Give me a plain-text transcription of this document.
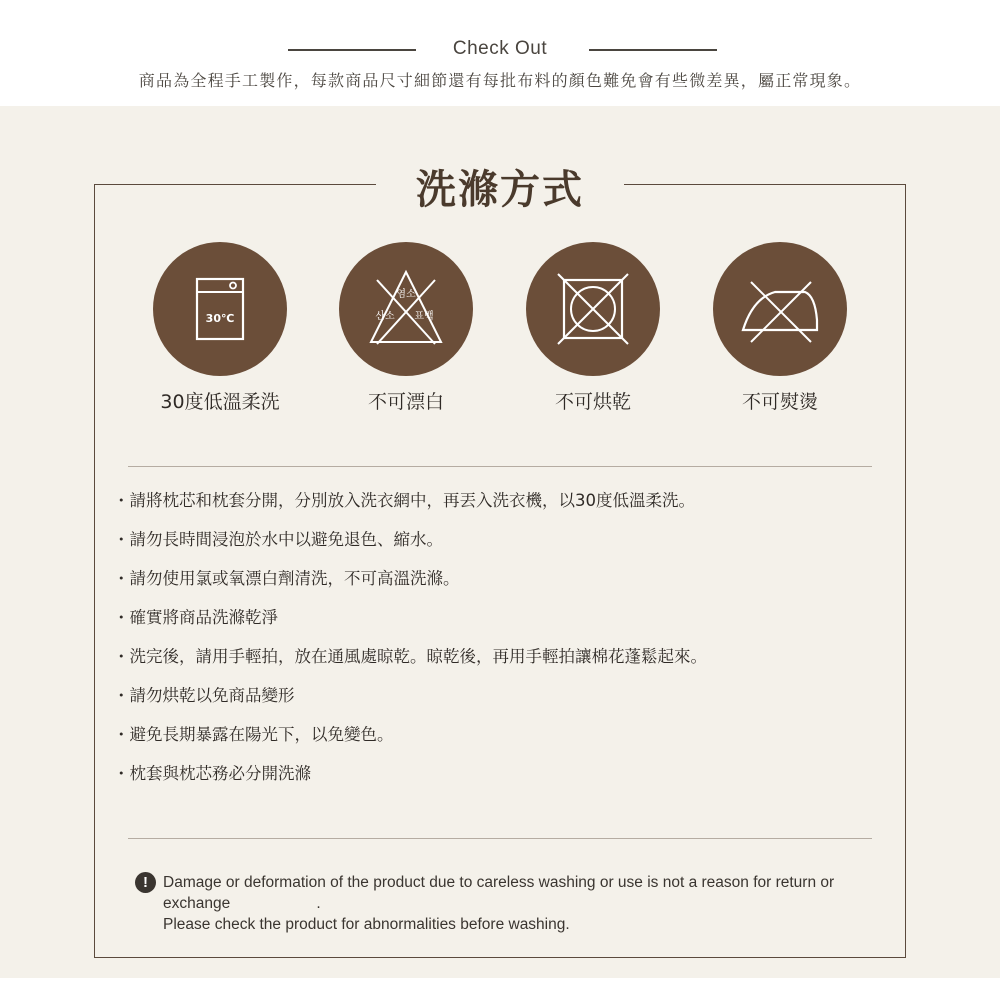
Check Out
商品為全程手工製作，每款商品尺寸細節還有每批布料的顏色難免會有些微差異，屬正常現象。
洗滌方式
30℃
30度低溫柔洗
염소
산소 표백
不可漂白	不可烘乾	不可熨燙
・請將枕芯和枕套分開，分別放入洗衣網中，再丟入洗衣機，以30度低溫柔洗。
・請勿長時間浸泡於水中以避免退色、縮水。
・請勿使用氯或氧漂白劑清洗，不可高溫洗滌。
・確實將商品洗滌乾淨
・洗完後，請用手輕拍，放在通風處晾乾。晾乾後，再用手輕拍讓棉花蓬鬆起來。
・請勿烘乾以免商品變形
・避免長期暴露在陽光下，以免變色。
・枕套與枕芯務必分開洗滌
! Damage or deformation of the product due to careless washing or use is not a reason for return or

exchange                    .

Please check the product for abnormalities before washing.
